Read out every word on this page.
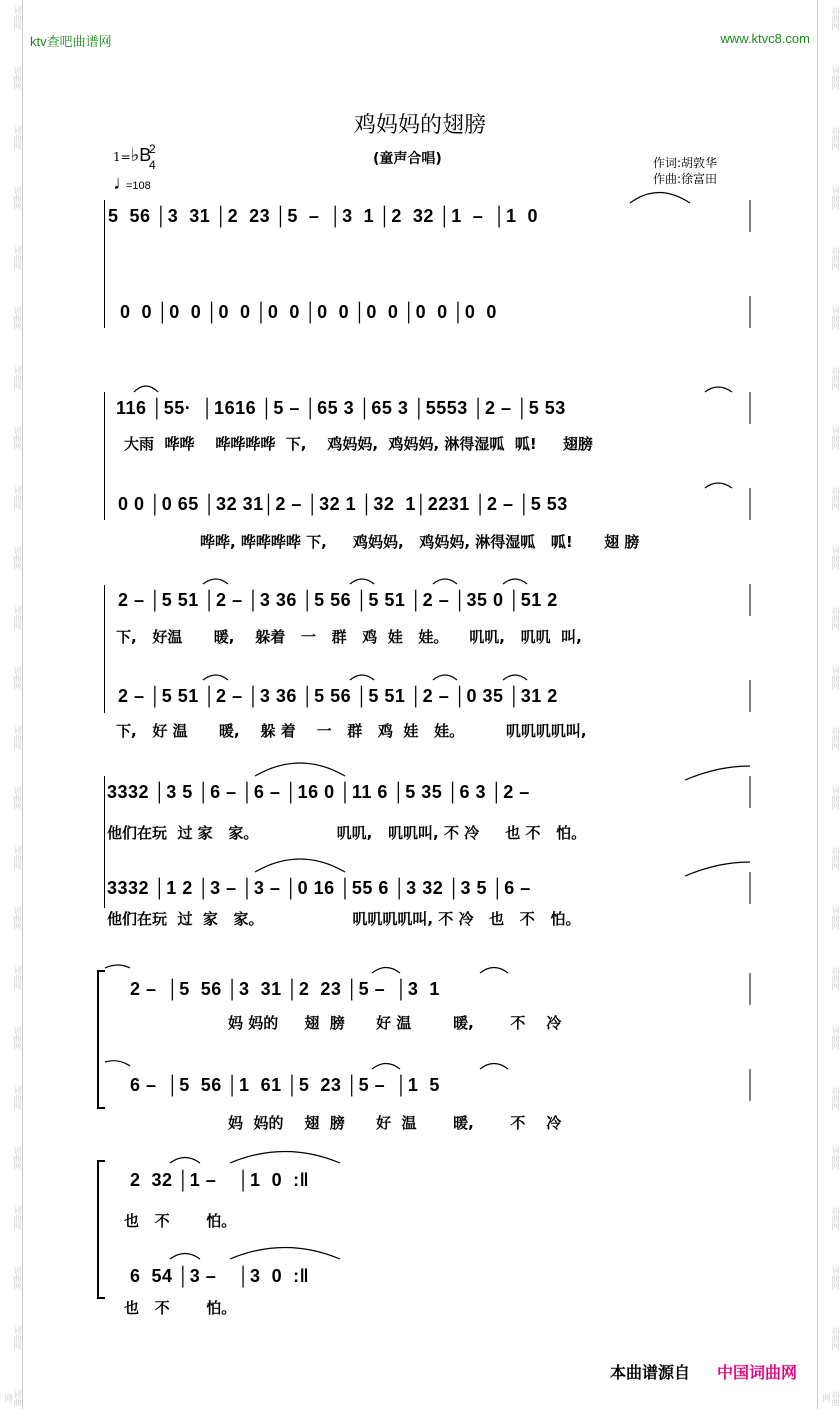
词曲网
词曲网
词曲网
词曲网
词曲网
词曲网
词曲网
词曲网
词曲网
词曲网
词曲网
词曲网
词曲网
词曲网
词曲网
词曲网
词曲网
词曲网
词曲网
词曲网
词曲网
词曲网
词曲网
词曲网
词曲网
词曲网
词曲网
词曲网
词曲网
词曲网
词曲网
词曲网
词曲网
词曲网
词曲网
词曲网
词曲网
词曲网
词曲网
词曲网
词曲网
词曲网
词曲网
词曲网
词曲网
词曲网
词曲网
词曲网
ktv查吧曲谱网	www.ktvc8.com
鸡妈妈的翅膀
(童声合唱)
1=♭B
2
4
♩
=108
作词:胡敦华
作曲:徐富田
5  56 │3  31 │2  23 │5  –  │3  1 │2  32 │1  –  │1  0
0  0 │0  0 │0  0 │0  0 │0  0 │0  0 │0  0 │0  0
116 │55·  │1616 │5 – │65 3 │65 3 │5553 │2 – │5 53
大雨  哗哗    哗哗哗哗  下,    鸡妈妈,  鸡妈妈, 淋得湿呱  呱!     翅膀
0 0 │0 65 │32 31│2 – │32 1 │32  1│2231 │2 – │5 53
哗哗, 哗哗哗哗 下,     鸡妈妈,   鸡妈妈, 淋得湿呱   呱!      翅 膀
2 – │5 51 │2 – │3 36 │5 56 │5 51 │2 – │35 0 │51 2
下,   好温      暖,    躲着   一   群   鸡  娃   娃。    叽叽,   叽叽  叫,
2 – │5 51 │2 – │3 36 │5 56 │5 51 │2 – │0 35 │31 2
下,   好 温      暖,    躲 着    一   群   鸡  娃   娃。        叽叽叽叽叫,
3332 │3 5 │6 – │6 – │16 0 │11 6 │5 35 │6 3 │2 –
他们在玩  过 家   家。               叽叽,   叽叽叫, 不 冷     也 不   怕。
3332 │1 2 │3 – │3 – │0 16 │55 6 │3 32 │3 5 │6 –
他们在玩  过  家   家。                 叽叽叽叽叫, 不 冷   也   不   怕。
2 –  │5  56 │3  31 │2  23 │5 –  │3  1
妈 妈的     翅  膀      好 温        暖,       不    冷
6 –  │5  56 │1  61 │5  23 │5 –  │1  5
妈  妈的    翅  膀      好  温       暖,       不    冷
2  32 │1 –    │1  0  :‖
也   不       怕。
6  54 │3 –    │3  0  :‖
也   不       怕。
本曲谱源自 中国词曲网
